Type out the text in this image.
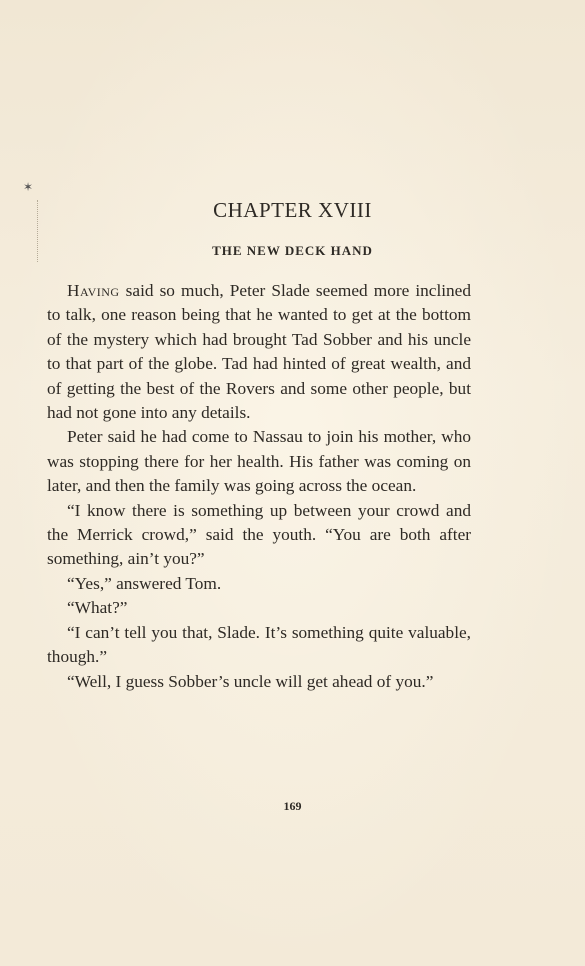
✶
CHAPTER XVIII
THE NEW DECK HAND

Having said so much, Peter Slade seemed more inclined to talk, one reason being that he wanted to get at the bottom of the mystery which had brought Tad Sobber and his uncle to that part of the globe. Tad had hinted of great wealth, and of getting the best of the Rovers and some other people, but had not gone into any details.

Peter said he had come to Nassau to join his mother, who was stopping there for her health. His father was coming on later, and then the family was going across the ocean.

“I know there is something up between your crowd and the Merrick crowd,” said the youth. “You are both after something, ain’t you?”

“Yes,” answered Tom.

“What?”

“I can’t tell you that, Slade. It’s something quite valuable, though.”

“Well, I guess Sobber’s uncle will get ahead of you.”

169
